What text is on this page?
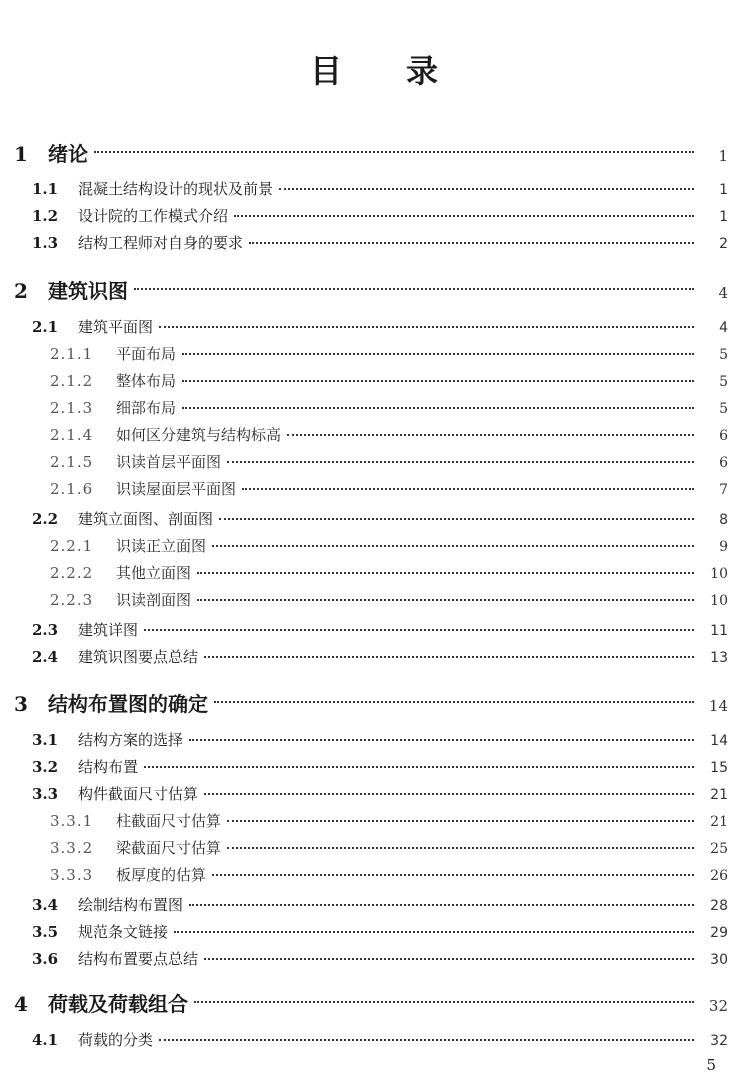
目 录
1	绪论	1
1.1	混凝土结构设计的现状及前景	1
1.2	设计院的工作模式介绍	1
1.3	结构工程师对自身的要求	2
2	建筑识图	4
2.1	建筑平面图	4
2.1.1	平面布局	5
2.1.2	整体布局	5
2.1.3	细部布局	5
2.1.4	如何区分建筑与结构标高	6
2.1.5	识读首层平面图	6
2.1.6	识读屋面层平面图	7
2.2	建筑立面图、剖面图	8
2.2.1	识读正立面图	9
2.2.2	其他立面图	10
2.2.3	识读剖面图	10
2.3	建筑详图	11
2.4	建筑识图要点总结	13
3	结构布置图的确定	14
3.1	结构方案的选择	14
3.2	结构布置	15
3.3	构件截面尺寸估算	21
3.3.1	柱截面尺寸估算	21
3.3.2	梁截面尺寸估算	25
3.3.3	板厚度的估算	26
3.4	绘制结构布置图	28
3.5	规范条文链接	29
3.6	结构布置要点总结	30
4	荷载及荷载组合	32
4.1	荷载的分类	32
5
